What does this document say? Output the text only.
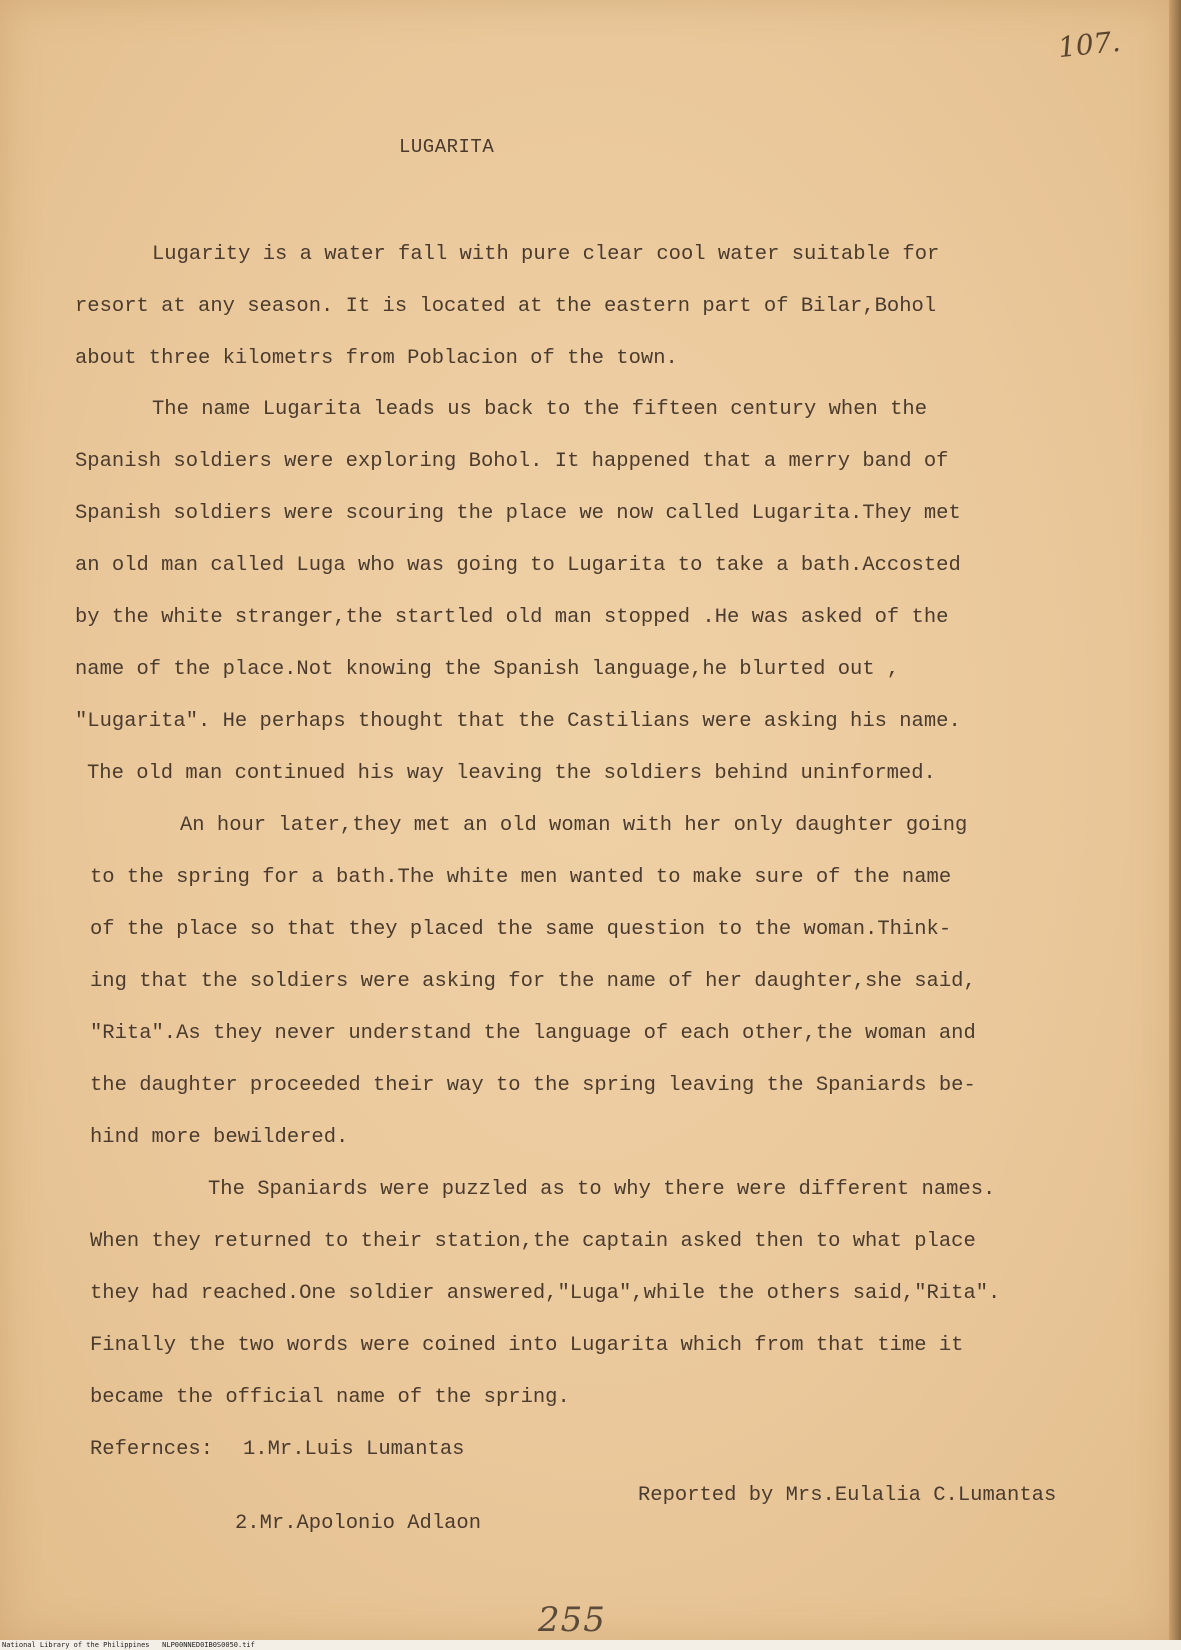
107.
LUGARITA
Lugarity is a water fall with pure clear cool water suitable for
resort at any season. It is located at the eastern part of Bilar,Bohol
about three kilometrs from Poblacion of the town.
The name Lugarita leads us back to the fifteen century when the
Spanish soldiers were exploring Bohol. It happened that a merry band of
Spanish soldiers were scouring the place we now called Lugarita.They met
an old man called Luga who was going to Lugarita to take a bath.Accosted
by the white stranger,the startled old man stopped .He was asked of the
name of the place.Not knowing the Spanish language,he blurted out ,
"Lugarita". He perhaps thought that the Castilians were asking his name.
The old man continued his way leaving the soldiers behind uninformed.
An hour later,they met an old woman with her only daughter going
to the spring for a bath.The white men wanted to make sure of the name
of the place so that they placed the same question to the woman.Think-
ing that the soldiers were asking for the name of her daughter,she said,
"Rita".As they never understand the language of each other,the woman and
the daughter proceeded their way to the spring leaving the Spaniards be-
hind more bewildered.
The Spaniards were puzzled as to why there were different names.
When they returned to their station,the captain asked then to what place
they had reached.One soldier answered,"Luga",while the others said,"Rita".
Finally the two words were coined into Lugarita which from that time it
became the official name of the spring.
Refernces: 1.Mr.Luis Lumantas
Reported by Mrs.Eulalia C.Lumantas
2.Mr.Apolonio Adlaon
255
National Library of the Philippines   NLP00NNED0IB0S0050.tif
